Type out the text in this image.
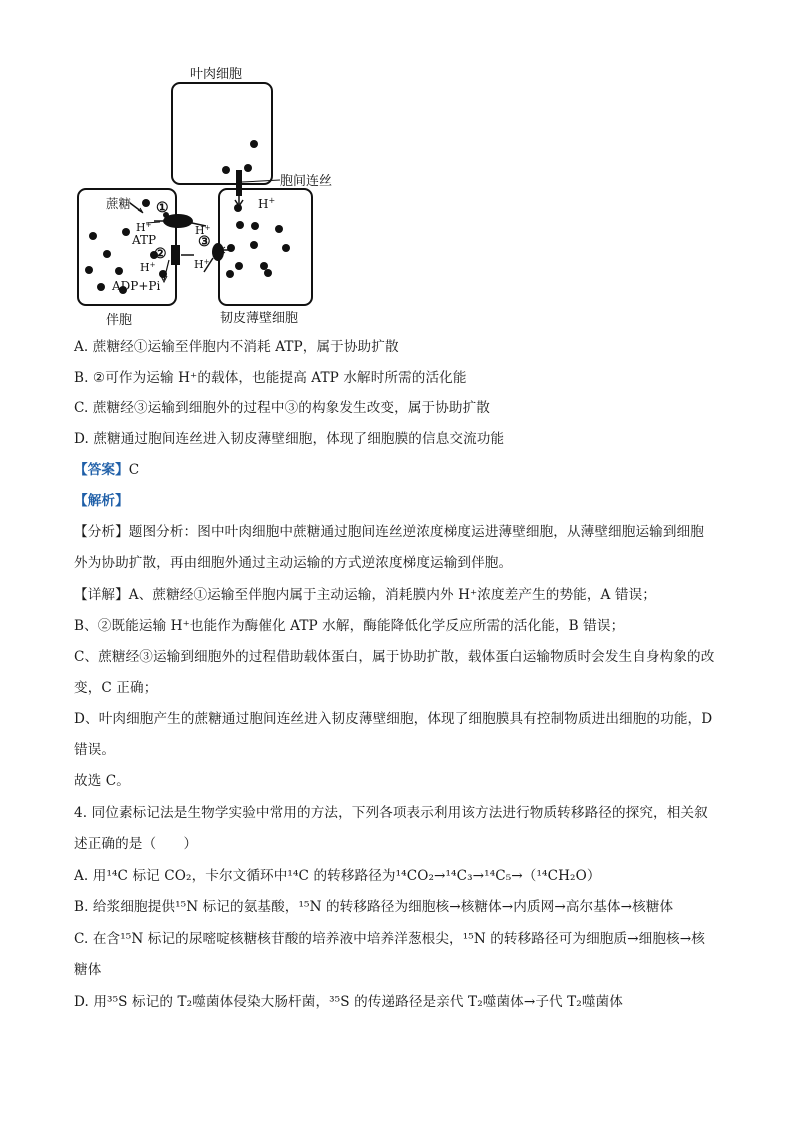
叶肉细胞
胞间连丝
蔗糖
伴胞	韧皮薄壁细胞
H+
①
H+	H+
②
ATP
H+	H+
ADP+Pi
③
A. 蔗糖经①运输至伴胞内不消耗 ATP，属于协助扩散
B. ②可作为运输 H⁺的载体，也能提高 ATP 水解时所需的活化能
C. 蔗糖经③运输到细胞外的过程中③的构象发生改变，属于协助扩散
D. 蔗糖通过胞间连丝进入韧皮薄壁细胞，体现了细胞膜的信息交流功能
【答案】C
【解析】
【分析】题图分析：图中叶肉细胞中蔗糖通过胞间连丝逆浓度梯度运进薄壁细胞，从薄壁细胞运输到细胞
外为协助扩散，再由细胞外通过主动运输的方式逆浓度梯度运输到伴胞。
【详解】A、蔗糖经①运输至伴胞内属于主动运输，消耗膜内外 H⁺浓度差产生的势能，A 错误；
B、②既能运输 H⁺也能作为酶催化 ATP 水解，酶能降低化学反应所需的活化能，B 错误；
C、蔗糖经③运输到细胞外的过程借助载体蛋白，属于协助扩散，载体蛋白运输物质时会发生自身构象的改
变，C 正确；
D、叶肉细胞产生的蔗糖通过胞间连丝进入韧皮薄壁细胞，体现了细胞膜具有控制物质进出细胞的功能，D
错误。
故选 C。
4. 同位素标记法是生物学实验中常用的方法，下列各项表示利用该方法进行物质转移路径的探究，相关叙
述正确的是（　　）
A. 用¹⁴C 标记 CO₂，卡尔文循环中¹⁴C 的转移路径为¹⁴CO₂→¹⁴C₃→¹⁴C₅→（¹⁴CH₂O）
B. 给浆细胞提供¹⁵N 标记的氨基酸，¹⁵N 的转移路径为细胞核→核糖体→内质网→高尔基体→核糖体
C. 在含¹⁵N 标记的尿嘧啶核糖核苷酸的培养液中培养洋葱根尖，¹⁵N 的转移路径可为细胞质→细胞核→核
糖体
D. 用³⁵S 标记的 T₂噬菌体侵染大肠杆菌，³⁵S 的传递路径是亲代 T₂噬菌体→子代 T₂噬菌体
